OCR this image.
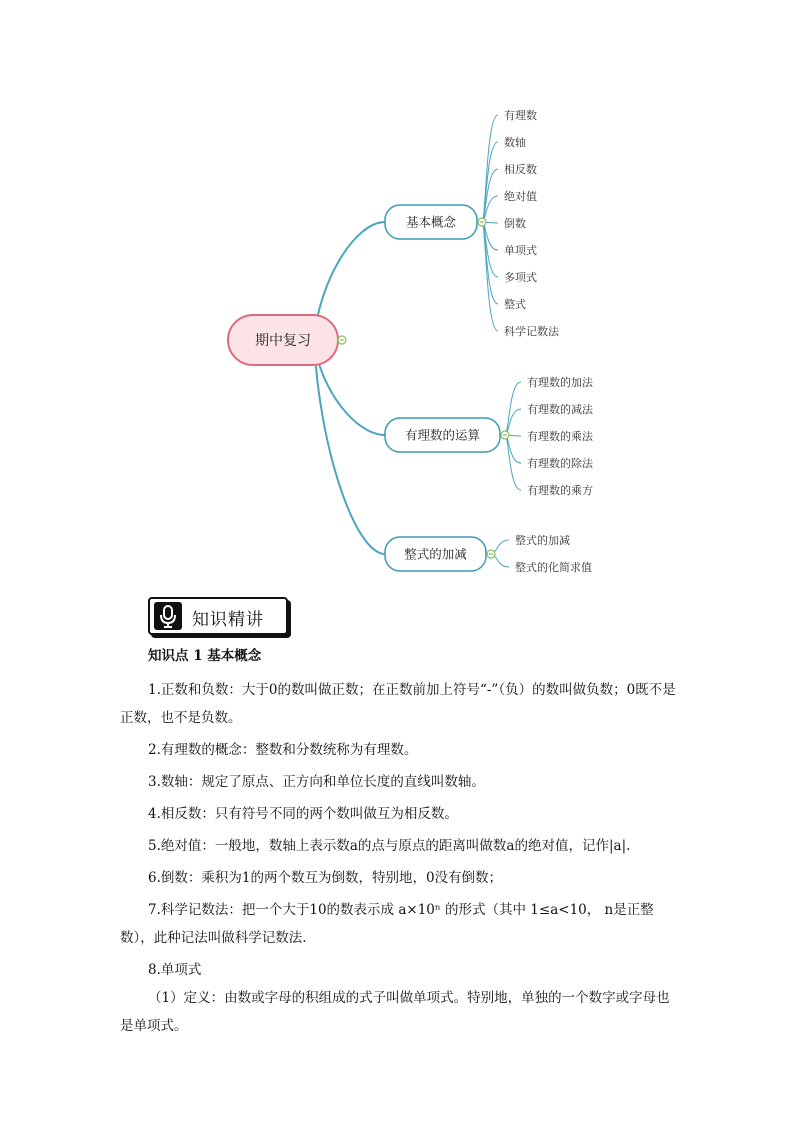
期中复习
基本概念
有理数
数轴
相反数
绝对值
倒数
单项式
多项式
整式
科学记数法
有理数的运算
有理数的加法
有理数的减法
有理数的乘法
有理数的除法
有理数的乘方
整式的加减
整式的加减
整式的化简求值
知识精讲
知识点 1 基本概念

1.正数和负数：大于0的数叫做正数；在正数前加上符号“-”（负）的数叫做负数；0既不是正数，也不是负数。

2.有理数的概念：整数和分数统称为有理数。

3.数轴：规定了原点、正方向和单位长度的直线叫数轴。

4.相反数：只有符号不同的两个数叫做互为相反数。

5.绝对值：一般地，数轴上表示数a的点与原点的距离叫做数a的绝对值，记作|a|.

6.倒数：乘积为1的两个数互为倒数，特别地，0没有倒数；

7.科学记数法：把一个大于10的数表示成 a×10ⁿ 的形式（其中 1≤a<10， n是正整数），此种记法叫做科学记数法.

8.单项式

（1）定义：由数或字母的积组成的式子叫做单项式。特别地，单独的一个数字或字母也是单项式。
